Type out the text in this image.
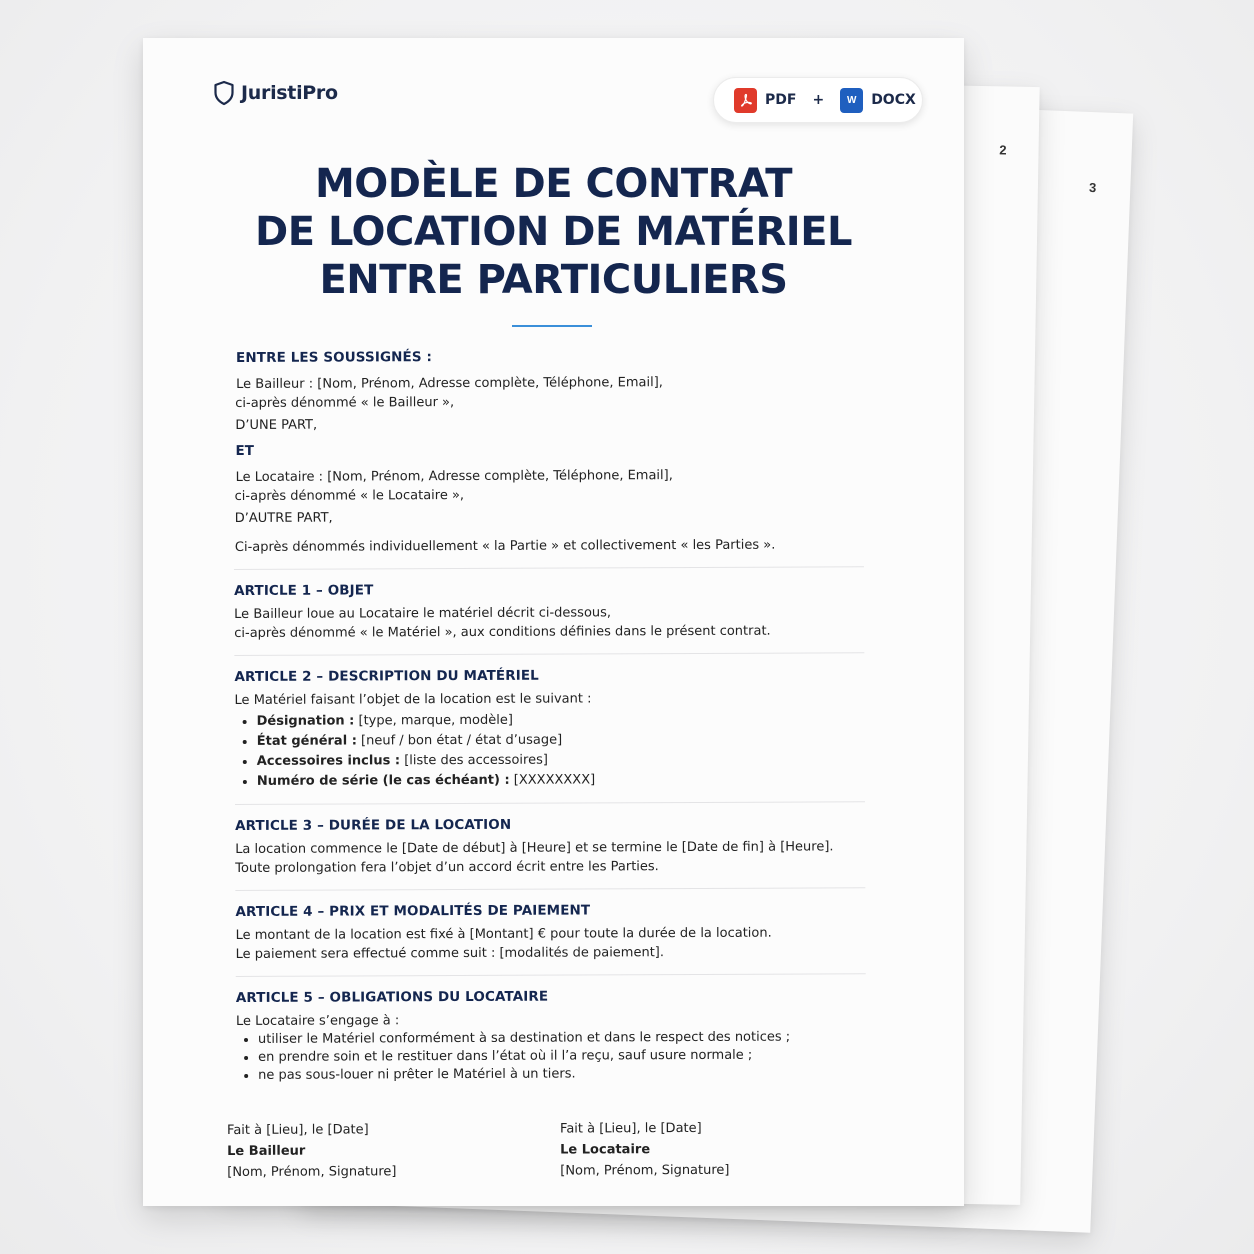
3
2
JuristiPro	PDF +	W	DOCX
MODÈLE DE CONTRAT
DE LOCATION DE MATÉRIEL
ENTRE PARTICULIERS
ENTRE LES SOUSSIGNÉS :
Le Bailleur : [Nom, Prénom, Adresse complète, Téléphone, Email],
ci-après dénommé « le Bailleur »,
D’UNE PART,
ET
Le Locataire : [Nom, Prénom, Adresse complète, Téléphone, Email],
ci-après dénommé « le Locataire »,
D’AUTRE PART,
Ci-après dénommés individuellement « la Partie » et collectivement « les Parties ».
ARTICLE 1 – OBJET
Le Bailleur loue au Locataire le matériel décrit ci-dessous,
ci-après dénommé « le Matériel », aux conditions définies dans le présent contrat.
ARTICLE 2 – DESCRIPTION DU MATÉRIEL
Le Matériel faisant l’objet de la location est le suivant :
• Désignation : [type, marque, modèle]
• État général : [neuf / bon état / état d’usage]
• Accessoires inclus : [liste des accessoires]
• Numéro de série (le cas échéant) : [XXXXXXXX]
ARTICLE 3 – DURÉE DE LA LOCATION
La location commence le [Date de début] à [Heure] et se termine le [Date de fin] à [Heure].
Toute prolongation fera l’objet d’un accord écrit entre les Parties.
ARTICLE 4 – PRIX ET MODALITÉS DE PAIEMENT
Le montant de la location est fixé à [Montant] € pour toute la durée de la location.
Le paiement sera effectué comme suit : [modalités de paiement].
ARTICLE 5 – OBLIGATIONS DU LOCATAIRE
Le Locataire s’engage à :
• utiliser le Matériel conformément à sa destination et dans le respect des notices ;
• en prendre soin et le restituer dans l’état où il l’a reçu, sauf usure normale ;
• ne pas sous-louer ni prêter le Matériel à un tiers.
Fait à [Lieu], le [Date]
Le Bailleur
[Nom, Prénom, Signature]
Fait à [Lieu], le [Date]
Le Locataire
[Nom, Prénom, Signature]
